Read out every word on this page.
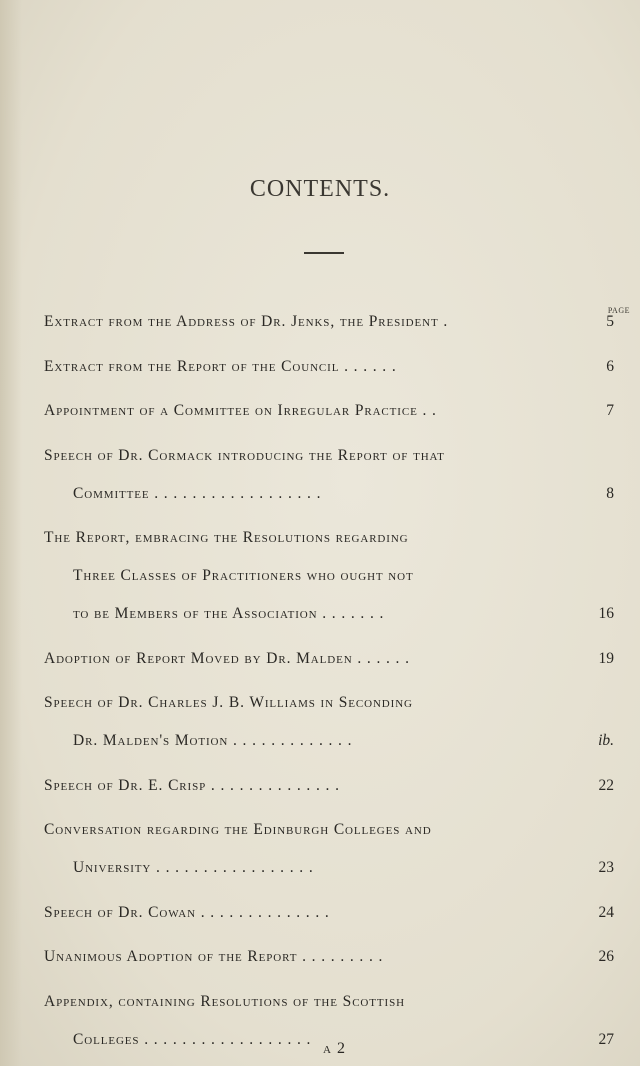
CONTENTS.
PAGE
Extract from the Address of Dr. Jenks, the President .	5
Extract from the Report of the Council . . . . . .	6
Appointment of a Committee on Irregular Practice . .	7
Speech of Dr. Cormack introducing the Report of that
Committee . . . . . . . . . . . . . . . . . .	8
The Report, embracing the Resolutions regarding
Three Classes of Practitioners who ought not
to be Members of the Association . . . . . . .	16
Adoption of Report Moved by Dr. Malden . . . . . .	19
Speech of Dr. Charles J. B. Williams in Seconding
Dr. Malden's Motion . . . . . . . . . . . . .	ib.
Speech of Dr. E. Crisp . . . . . . . . . . . . . .	22
Conversation regarding the Edinburgh Colleges and
University . . . . . . . . . . . . . . . . .	23
Speech of Dr. Cowan . . . . . . . . . . . . . .	24
Unanimous Adoption of the Report . . . . . . . . .	26
Appendix, containing Resolutions of the Scottish
Colleges . . . . . . . . . . . . . . . . . .	27
a 2
